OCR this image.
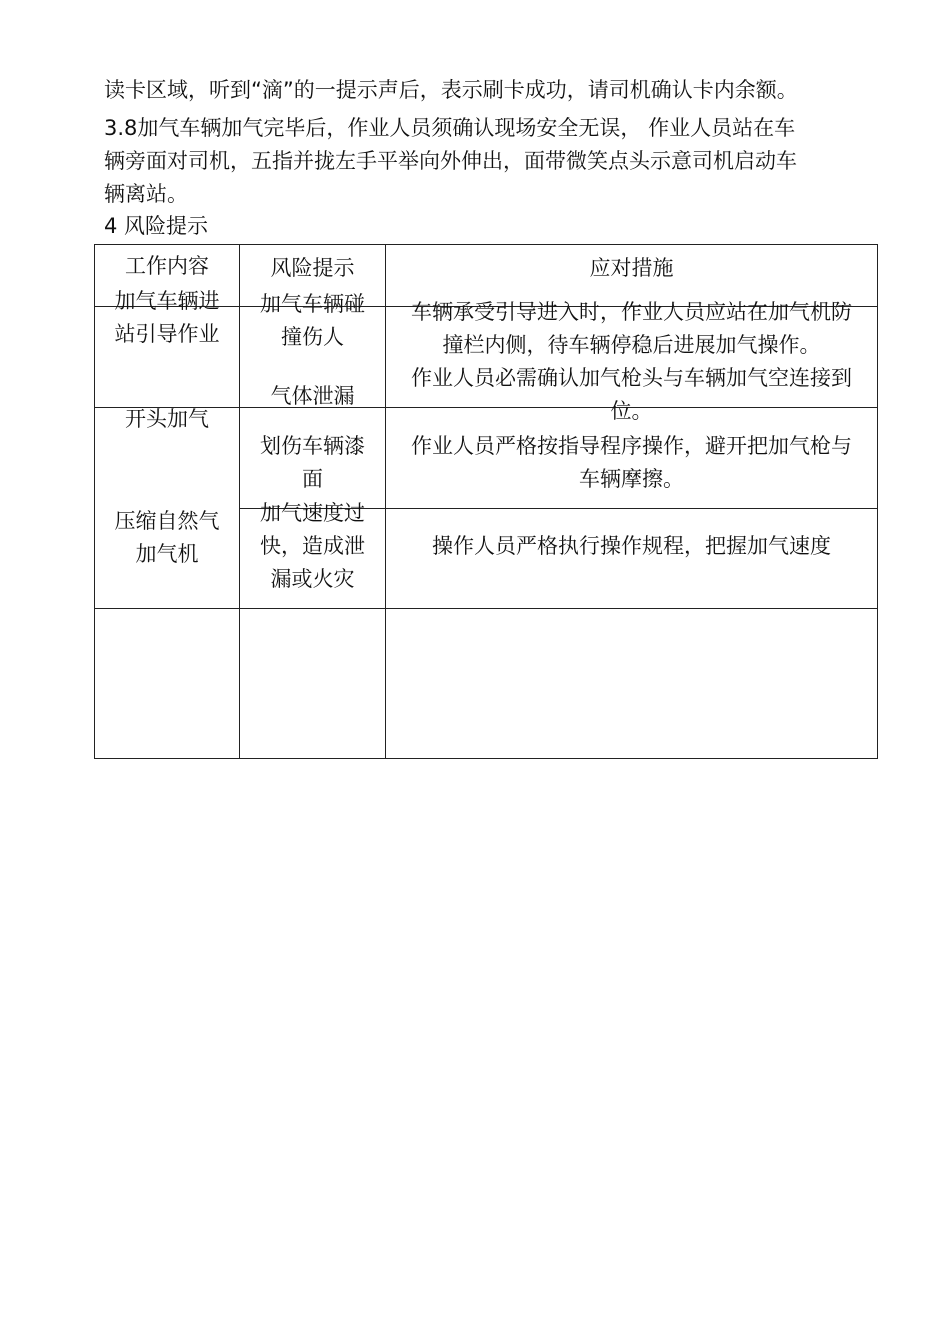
读卡区域，听到“滴”的一提示声后，表示刷卡成功，请司机确认卡内余额。

3.8加气车辆加气完毕后，作业人员须确认现场安全无误， 作业人员站在车
辆旁面对司机，五指并拢左手平举向外伸出，面带微笑点头示意司机启动车
辆离站。

4 风险提示

工作内容	风险提示	应对措施
加气车辆进
站引导作业
开头加气
压缩自然气
加气机
加气车辆碰
撞伤人
气体泄漏
划伤车辆漆
面
加气速度过
快，造成泄
漏或火灾
车辆承受引导进入时，作业人员应站在加气机防
撞栏内侧，待车辆停稳后进展加气操作。
作业人员必需确认加气枪头与车辆加气空连接到
位。
作业人员严格按指导程序操作，避开把加气枪与
车辆摩擦。
操作人员严格执行操作规程，把握加气速度
